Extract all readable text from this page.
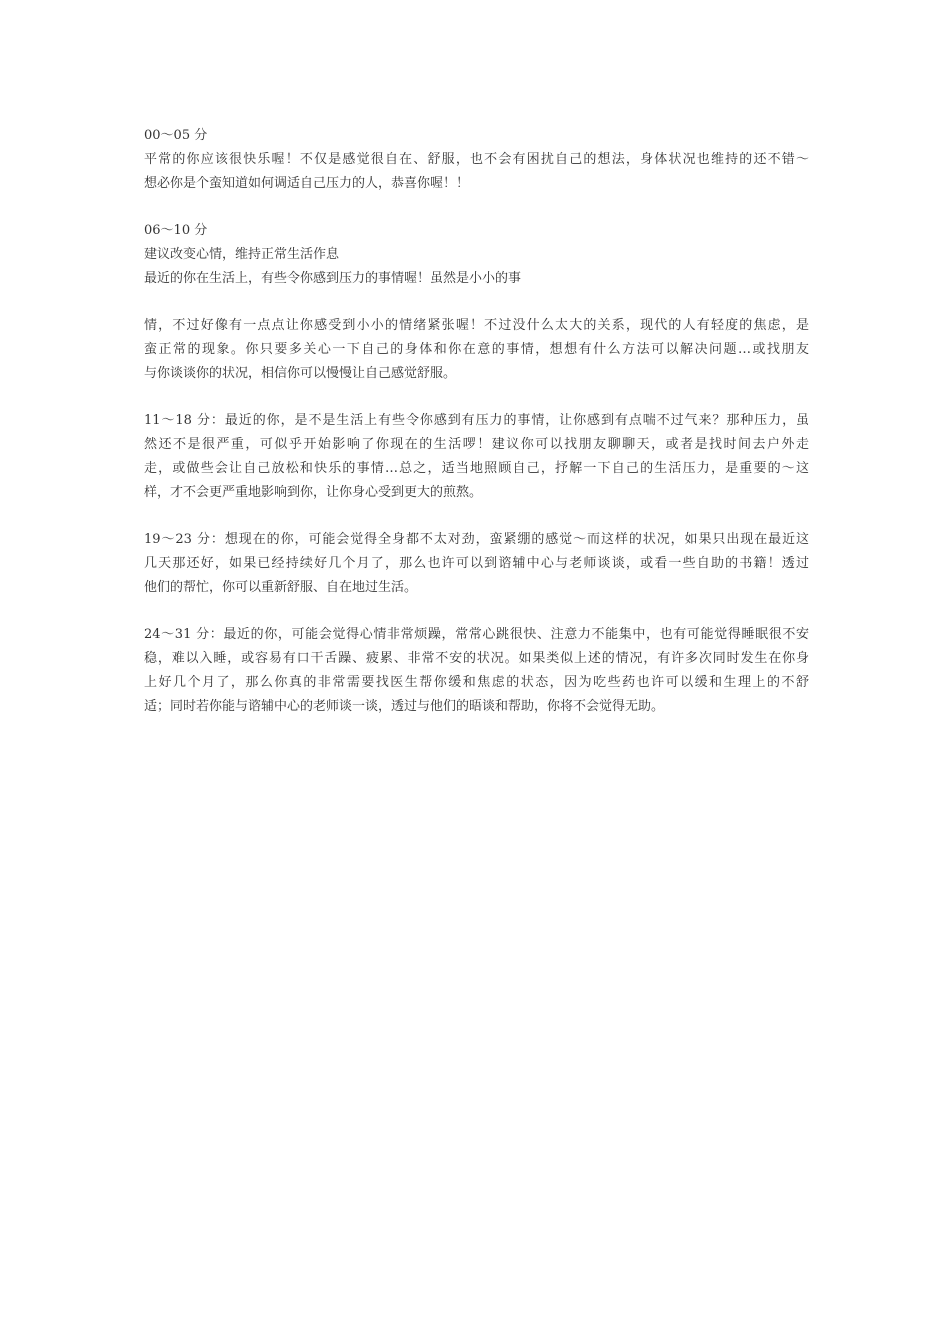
00～05 分

平常的你应该很快乐喔！不仅是感觉很自在、舒服，也不会有困扰自己的想法，身体状况也维持的还不错～

想必你是个蛮知道如何调适自己压力的人，恭喜你喔！！

06～10 分

建议改变心情，维持正常生活作息

最近的你在生活上，有些令你感到压力的事情喔！虽然是小小的事

情，不过好像有一点点让你感受到小小的情绪紧张喔！不过没什么太大的关系，现代的人有轻度的焦虑，是

蛮正常的现象。你只要多关心一下自己的身体和你在意的事情，想想有什么方法可以解决问题…或找朋友

与你谈谈你的状况，相信你可以慢慢让自己感觉舒服。

11～18 分：最近的你，是不是生活上有些令你感到有压力的事情，让你感到有点喘不过气来？那种压力，虽

然还不是很严重，可似乎开始影响了你现在的生活啰！建议你可以找朋友聊聊天，或者是找时间去户外走

走，或做些会让自己放松和快乐的事情…总之，适当地照顾自己，抒解一下自己的生活压力，是重要的～这

样，才不会更严重地影响到你，让你身心受到更大的煎熬。

19～23 分：想现在的你，可能会觉得全身都不太对劲，蛮紧绷的感觉～而这样的状况，如果只出现在最近这

几天那还好，如果已经持续好几个月了，那么也许可以到谘辅中心与老师谈谈，或看一些自助的书籍！透过

他们的帮忙，你可以重新舒服、自在地过生活。

24～31 分：最近的你，可能会觉得心情非常烦躁，常常心跳很快、注意力不能集中，也有可能觉得睡眠很不安

稳，难以入睡，或容易有口干舌躁、疲累、非常不安的状况。如果类似上述的情况，有许多次同时发生在你身

上好几个月了，那么你真的非常需要找医生帮你缓和焦虑的状态，因为吃些药也许可以缓和生理上的不舒

适；同时若你能与谘辅中心的老师谈一谈，透过与他们的晤谈和帮助，你将不会觉得无助。
